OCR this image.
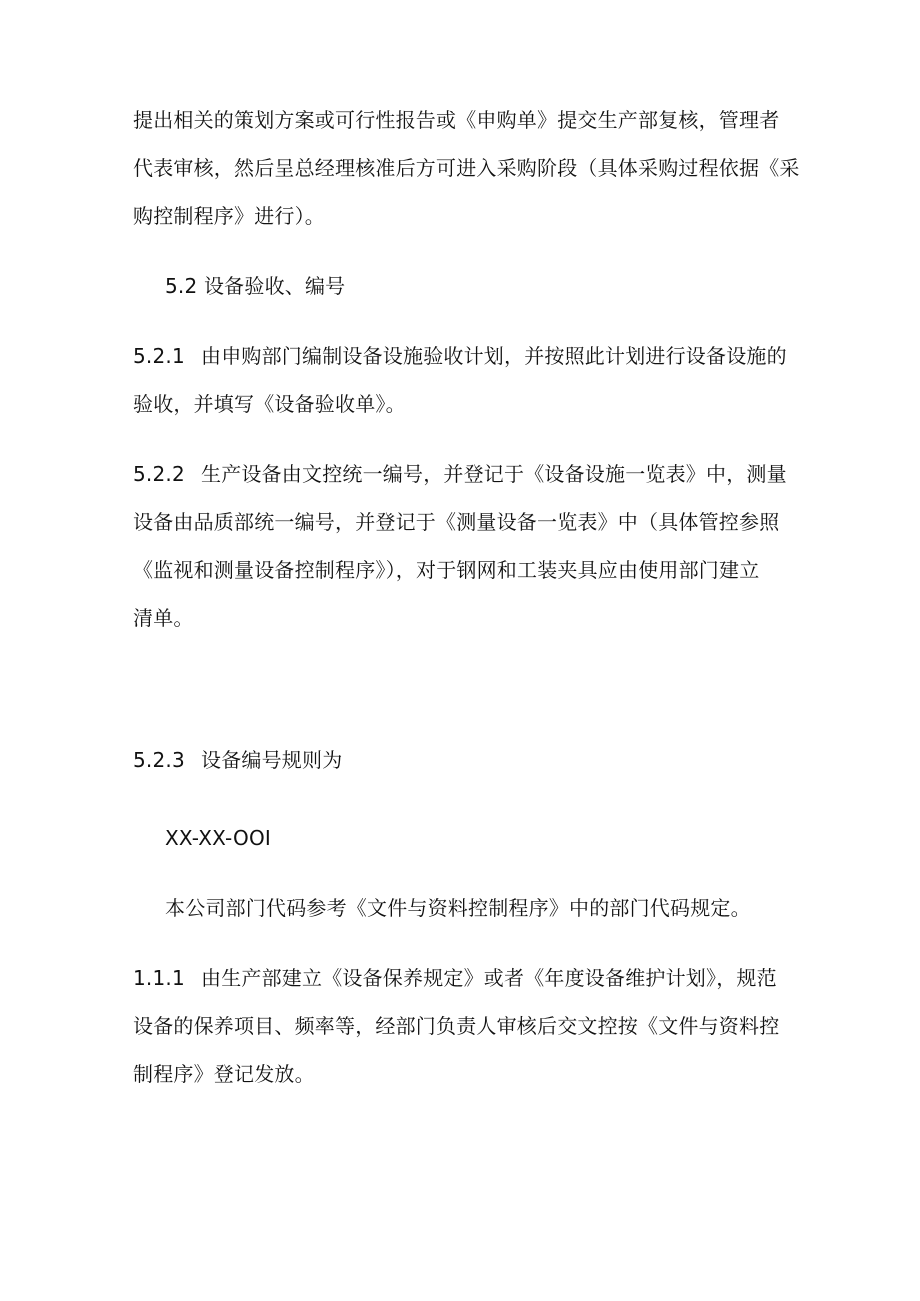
提出相关的策划方案或可行性报告或《申购单》提交生产部复核，管理者
代表审核，然后呈总经理核准后方可进入采购阶段（具体采购过程依据《采
购控制程序》进行）。
5.2 设备验收、编号
5.2.1 由申购部门编制设备设施验收计划，并按照此计划进行设备设施的
验收，并填写《设备验收单》。
5.2.2 生产设备由文控统一编号，并登记于《设备设施一览表》中，测量
设备由品质部统一编号，并登记于《测量设备一览表》中（具体管控参照
《监视和测量设备控制程序》），对于钢网和工装夹具应由使用部门建立
清单。
5.2.3 设备编号规则为
XX-XX-OOI
本公司部门代码参考《文件与资料控制程序》中的部门代码规定。
1.1.1 由生产部建立《设备保养规定》或者《年度设备维护计划》，规范
设备的保养项目、频率等，经部门负责人审核后交文控按《文件与资料控
制程序》登记发放。
